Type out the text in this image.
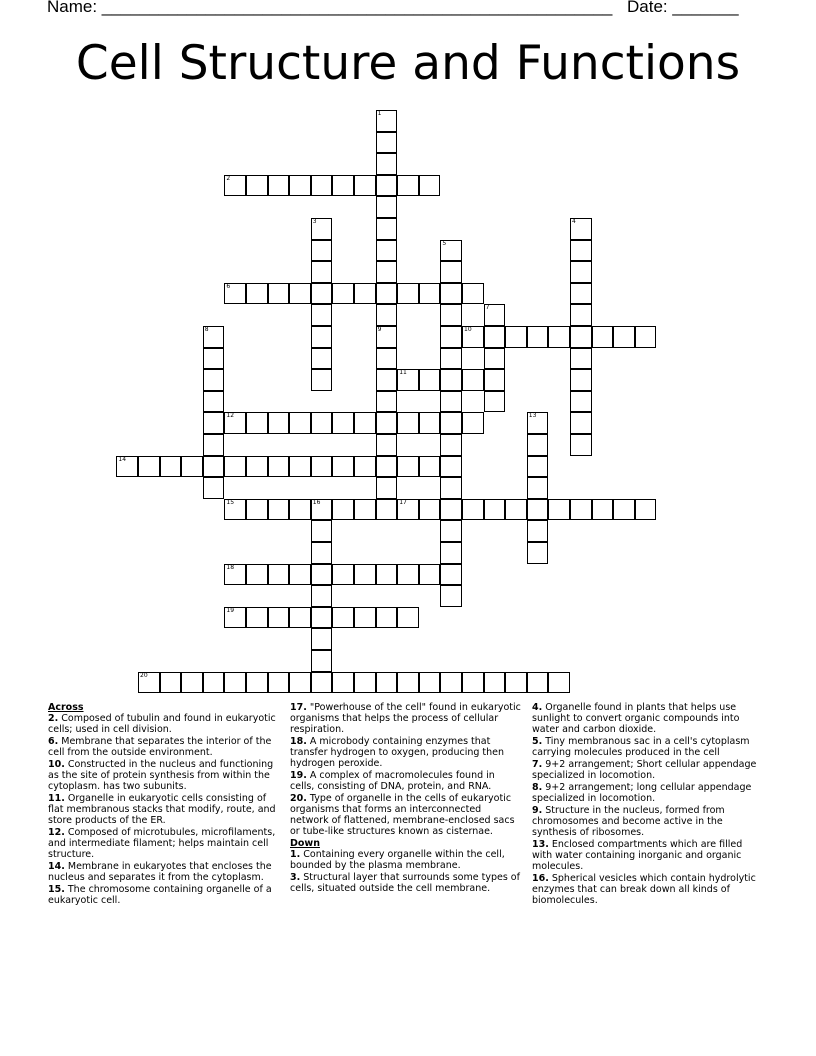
Name: ______________________________________________________ Date: _______
Cell Structure and Functions
1
9
2
3	4
5
6
7
8	10
11
12	13
14
15	16	17
18
19
20
Across
2. Composed of tubulin and found in eukaryotic cells; used in cell division.
6. Membrane that separates the interior of the cell from the outside environment.
10. Constructed in the nucleus and functioning as the site of protein synthesis from within the cytoplasm. has two subunits.
11. Organelle in eukaryotic cells consisting of flat membranous stacks that modify, route, and store products of the ER.
12. Composed of microtubules, microfilaments, and intermediate filament; helps maintain cell structure.
14. Membrane in eukaryotes that encloses the nucleus and separates it from the cytoplasm.
15. The chromosome containing organelle of a eukaryotic cell.
17. "Powerhouse of the cell" found in eukaryotic organisms that helps the process of cellular respiration.
18. A microbody containing enzymes that transfer hydrogen to oxygen, producing then hydrogen peroxide.
19. A complex of macromolecules found in cells, consisting of DNA, protein, and RNA.
20. Type of organelle in the cells of eukaryotic organisms that forms an interconnected network of flattened, membrane-enclosed sacs or tube-like structures known as cisternae.
Down
1. Containing every organelle within the cell, bounded by the plasma membrane.
3. Structural layer that surrounds some types of cells, situated outside the cell membrane.
4. Organelle found in plants that helps use sunlight to convert organic compounds into water and carbon dioxide.
5. Tiny membranous sac in a cell's cytoplasm carrying molecules produced in the cell
7. 9+2 arrangement; Short cellular appendage specialized in locomotion.
8. 9+2 arrangement; long cellular appendage specialized in locomotion.
9. Structure in the nucleus, formed from chromosomes and become active in the synthesis of ribosomes.
13. Enclosed compartments which are filled with water containing inorganic and organic molecules.
16. Spherical vesicles which contain hydrolytic enzymes that can break down all kinds of biomolecules.
